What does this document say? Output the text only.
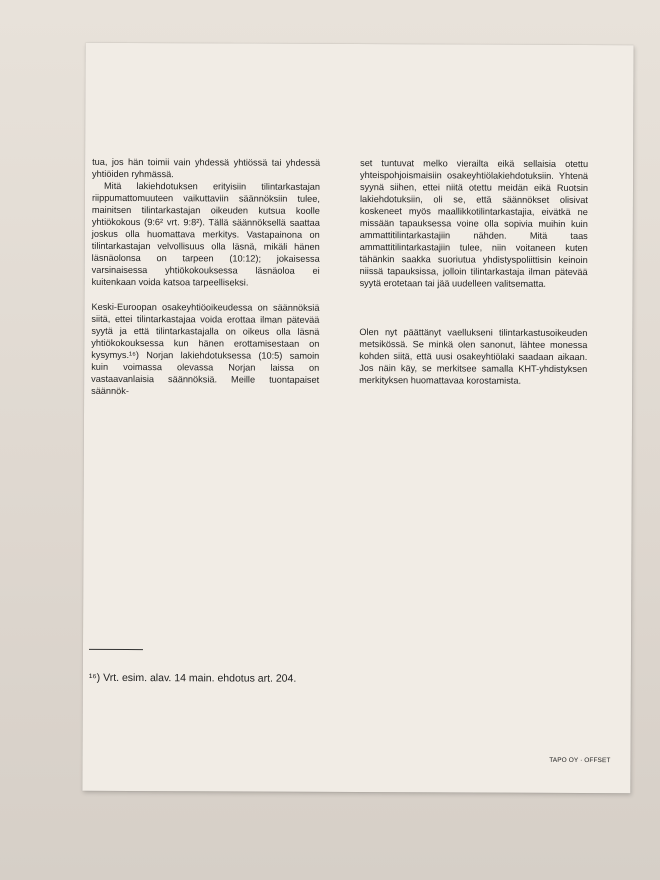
tua, jos hän toimii vain yhdessä yhtiössä tai yhdessä yhtiöiden ryhmässä.

Mitä lakiehdotuksen erityisiin tilintarkastajan riippumattomuuteen vaikuttaviin säännöksiin tulee, mainitsen tilintarkastajan oikeuden kutsua koolle yhtiökokous (9:6² vrt. 9:8²). Tällä säännöksellä saattaa joskus olla huomattava merkitys. Vastapainona on tilintarkastajan velvollisuus olla läsnä, mikäli hänen läsnäolonsa on tarpeen (10:12); jokaisessa varsinaisessa yhtiökokouksessa läsnäoloa ei kuitenkaan voida katsoa tarpeelliseksi.

Keski-Euroopan osakeyhtiöoikeudessa on säännöksiä siitä, ettei tilintarkastajaa voida erottaa ilman pätevää syytä ja että tilintarkastajalla on oikeus olla läsnä yhtiökokouksessa kun hänen erottamisestaan on kysymys.¹⁶) Norjan lakiehdotuksessa (10:5) samoin kuin voimassa olevassa Norjan laissa on vastaavanlaisia säännöksiä. Meille tuontapaiset säännök-

set tuntuvat melko vierailta eikä sellaisia otettu yhteispohjoismaisiin osakeyhtiölakiehdotuksiin. Yhtenä syynä siihen, ettei niitä otettu meidän eikä Ruotsin lakiehdotuksiin, oli se, että säännökset olisivat koskeneet myös maallikkotilintarkastajia, eivätkä ne missään tapauksessa voine olla sopivia muihin kuin ammattitilintarkastajiin nähden. Mitä taas ammattitilintarkastajiin tulee, niin voitaneen kuten tähänkin saakka suoriutua yhdistyspoliittisin keinoin niissä tapauksissa, jolloin tilintarkastaja ilman pätevää syytä erotetaan tai jää uudelleen valitsematta.

Olen nyt päättänyt vaellukseni tilintarkastusoikeuden metsikössä. Se minkä olen sanonut, lähtee monessa kohden siitä, että uusi osakeyhtiölaki saadaan aikaan. Jos näin käy, se merkitsee samalla KHT-yhdistyksen merkityksen huomattavaa korostamista.

¹⁶) Vrt. esim. alav. 14 main. ehdotus art. 204.
TAPO OY · OFFSET
